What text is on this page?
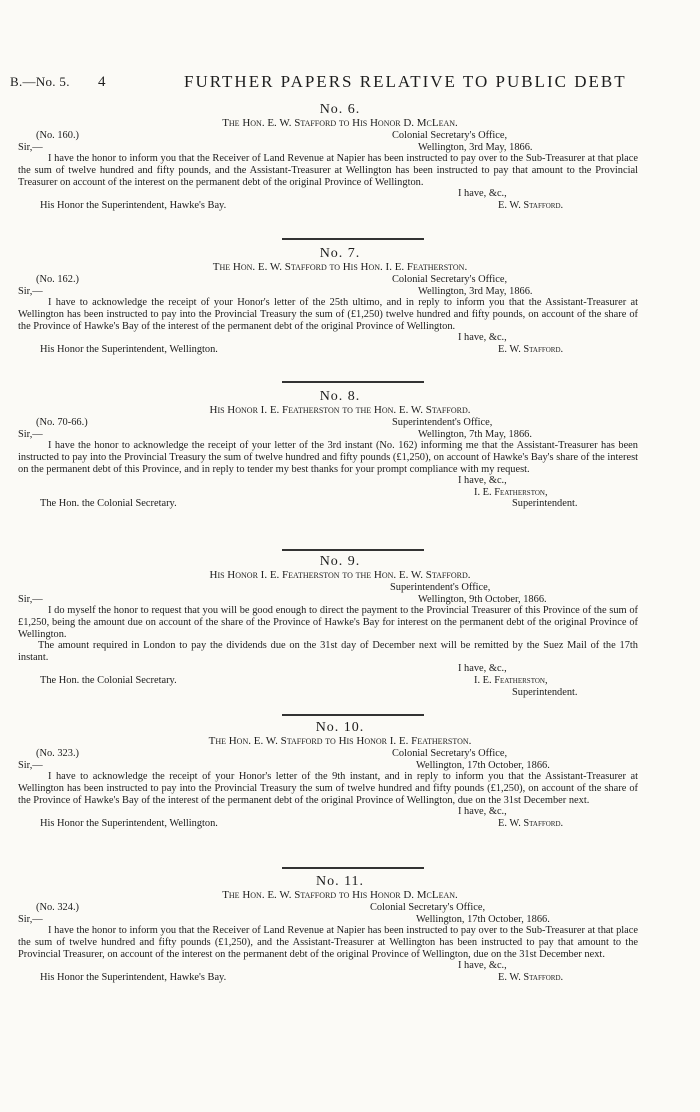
B.—No. 5. 4	FURTHER PAPERS RELATIVE TO PUBLIC DEBT
No. 6.
The Hon. E. W. Stafford to His Honor D. McLean.
(No. 160.)	Colonial Secretary's Office,
Sir,—	Wellington, 3rd May, 1866.
I have the honor to inform you that the Receiver of Land Revenue at Napier has been instructed to pay over to the Sub-Treasurer at that place the sum of twelve hundred and fifty pounds, and the Assistant-Treasurer at Wellington has been instructed to pay that amount to the Provincial Treasurer on account of the interest on the permanent debt of the original Province of Wellington.
I have, &c.,
His Honor the Superintendent, Hawke's Bay.	E. W. Stafford.
No. 7.
The Hon. E. W. Stafford to His Hon. I. E. Featherston.
(No. 162.)	Colonial Secretary's Office,
Sir,—	Wellington, 3rd May, 1866.
I have to acknowledge the receipt of your Honor's letter of the 25th ultimo, and in reply to inform you that the Assistant-Treasurer at Wellington has been instructed to pay into the Provincial Treasury the sum of (£1,250) twelve hundred and fifty pounds, on account of the share of the Province of Hawke's Bay of the interest of the permanent debt of the original Province of Wellington.
I have, &c.,
His Honor the Superintendent, Wellington.	E. W. Stafford.
No. 8.
His Honor I. E. Featherston to the Hon. E. W. Stafford.
(No. 70-66.)	Superintendent's Office,
Sir,—	Wellington, 7th May, 1866.
I have the honor to acknowledge the receipt of your letter of the 3rd instant (No. 162) informing me that the Assistant-Treasurer has been instructed to pay into the Provincial Treasury the sum of twelve hundred and fifty pounds (£1,250), on account of Hawke's Bay's share of the interest on the permanent debt of this Province, and in reply to tender my best thanks for your prompt compliance with my request.
I have, &c.,
I. E. Featherston,
The Hon. the Colonial Secretary.	Superintendent.
No. 9.
His Honor I. E. Featherston to the Hon. E. W. Stafford.
Superintendent's Office,
Sir,—	Wellington, 9th October, 1866.
I do myself the honor to request that you will be good enough to direct the payment to the Provincial Treasurer of this Province of the sum of £1,250, being the amount due on account of the share of the Province of Hawke's Bay for interest on the permanent debt of the original Province of Wellington.
The amount required in London to pay the dividends due on the 31st day of December next will be remitted by the Suez Mail of the 17th instant.
I have, &c.,
The Hon. the Colonial Secretary.	I. E. Featherston,
Superintendent.
No. 10.
The Hon. E. W. Stafford to His Honor I. E. Featherston.
(No. 323.)	Colonial Secretary's Office,
Sir,—	Wellington, 17th October, 1866.
I have to acknowledge the receipt of your Honor's letter of the 9th instant, and in reply to inform you that the Assistant-Treasurer at Wellington has been instructed to pay into the Provincial Treasury the sum of twelve hundred and fifty pounds (£1,250), on account of the share of the Province of Hawke's Bay of the interest of the permanent debt of the original Province of Wellington, due on the 31st December next.
I have, &c.,
His Honor the Superintendent, Wellington.	E. W. Stafford.
No. 11.
The Hon. E. W. Stafford to His Honor D. McLean.
(No. 324.)	Colonial Secretary's Office,
Sir,—	Wellington, 17th October, 1866.
I have the honor to inform you that the Receiver of Land Revenue at Napier has been instructed to pay over to the Sub-Treasurer at that place the sum of twelve hundred and fifty pounds (£1,250), and the Assistant-Treasurer at Wellington has been instructed to pay that amount to the Provincial Treasurer, on account of the interest on the permanent debt of the original Province of Wellington, due on the 31st December next.
I have, &c.,
His Honor the Superintendent, Hawke's Bay.	E. W. Stafford.
